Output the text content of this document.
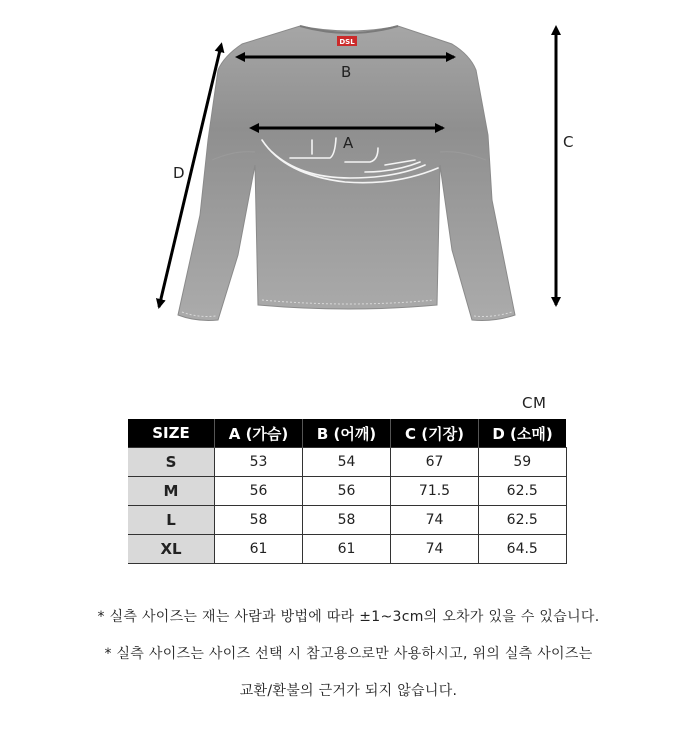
DSL
B
A	C
D
CM
SIZE	A (가슴)	B (어깨)	C (기장)	D (소매)
S	53	54	67	59
M	56	56	71.5	62.5
L	58	58	74	62.5
XL	61	61	74	64.5
* 실측 사이즈는 재는 사람과 방법에 따라 ±1~3cm의 오차가 있을 수 있습니다.
* 실측 사이즈는 사이즈 선택 시 참고용으로만 사용하시고, 위의 실측 사이즈는
교환/환불의 근거가 되지 않습니다.
